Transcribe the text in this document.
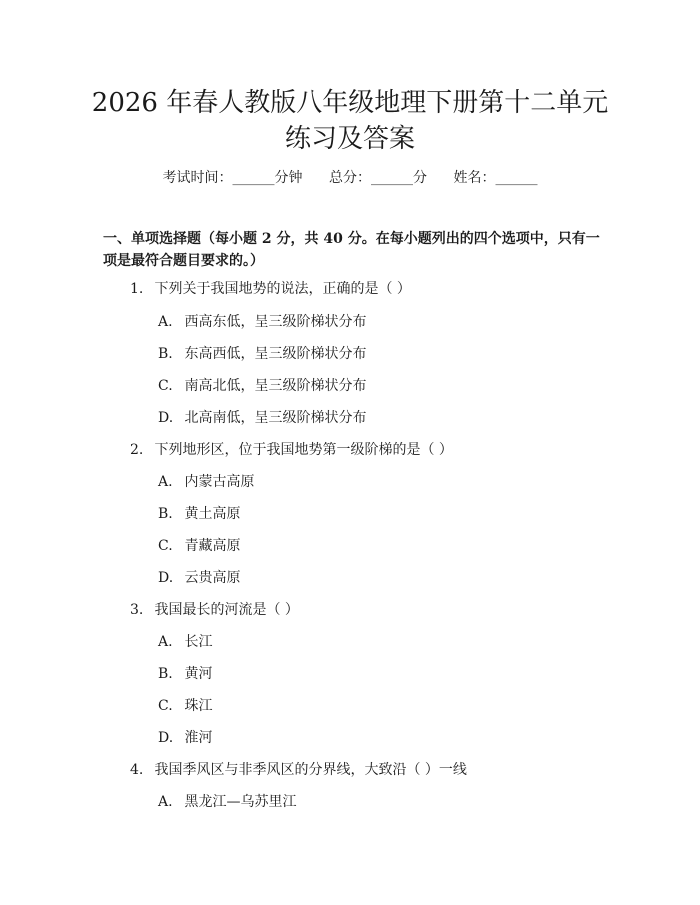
2026 年春人教版八年级地理下册第十二单元
练习及答案
考试时间：______分钟 总分：______分 姓名：______
一、单项选择题（每小题 2 分，共 40 分。在每小题列出的四个选项中，只有一项是最符合题目要求的。）
1. 下列关于我国地势的说法，正确的是（ ）
A. 西高东低，呈三级阶梯状分布
B. 东高西低，呈三级阶梯状分布
C. 南高北低，呈三级阶梯状分布
D. 北高南低，呈三级阶梯状分布
2. 下列地形区，位于我国地势第一级阶梯的是（ ）
A. 内蒙古高原
B. 黄土高原
C. 青藏高原
D. 云贵高原
3. 我国最长的河流是（ ）
A. 长江
B. 黄河
C. 珠江
D. 淮河
4. 我国季风区与非季风区的分界线，大致沿（ ）一线
A. 黑龙江—乌苏里江
